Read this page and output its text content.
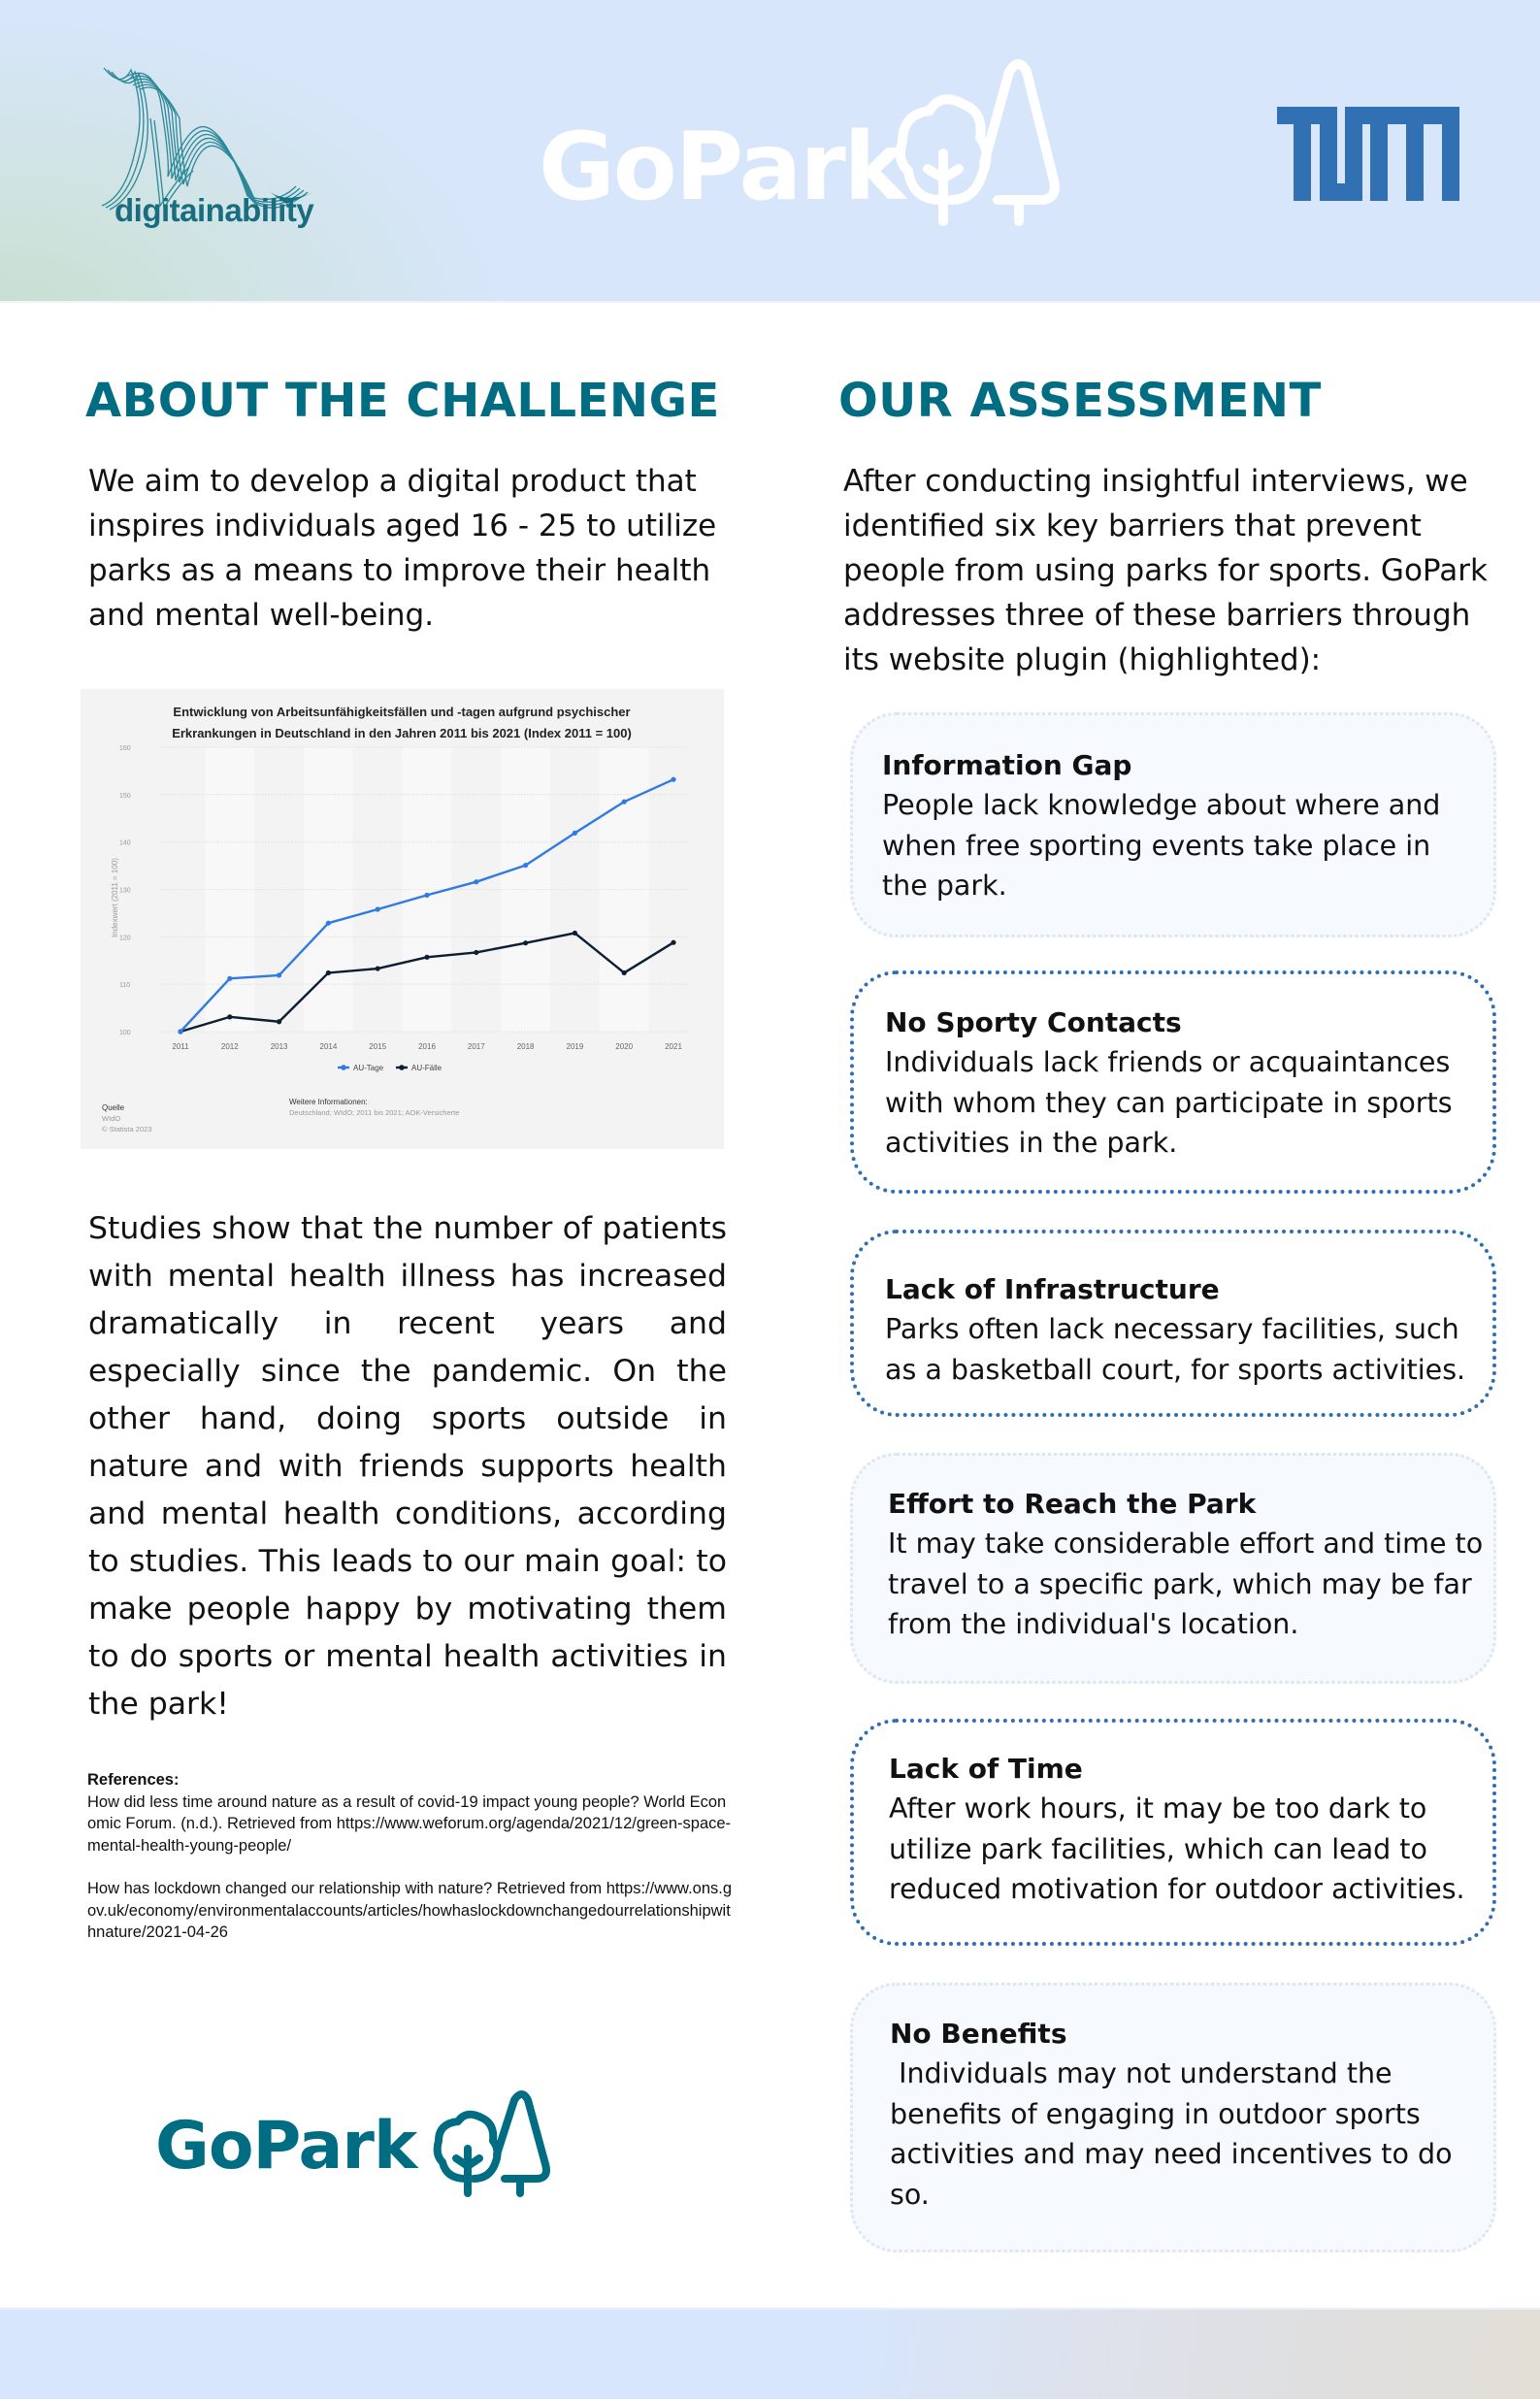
digitainability GoPark
ABOUT THE CHALLENGE

We aim to develop a digital product that inspires individuals aged 16 - 25 to utilize parks as a means to improve their health and mental well-being.

Entwicklung von Arbeitsunfähigkeitsfällen und -tagen aufgrund psychischer
Erkrankungen in Deutschland in den Jahren 2011 bis 2021 (Index 2011 = 100)
Indexwert (2011 = 100)
100
110
120
130
140
150
160
2011	2012	2013	2014	2015	2016	2017	2018	2019	2020	2021
AU-Tage	AU-Fälle
Quelle
WIdO
© Statista 2023
Weitere Informationen:
Deutschland; WIdO; 2011 bis 2021; AOK-Versicherte

Studies show that the number of patients with mental health illness has increased dramatically in recent years and especially since the pandemic. On the other hand, doing sports outside in nature and with friends supports health and mental health conditions, according to studies. This leads to our main goal: to make people happy by motivating them to do sports or mental health activities in the park!

References:
How did less time around nature as a result of covid-19 impact young people? World Economic Forum. (n.d.). Retrieved from https://www.weforum.org/agenda/2021/12/green-space-mental-health-young-people/
How has lockdown changed our relationship with nature? Retrieved from https://www.ons.gov.uk/economy/environmentalaccounts/articles/howhaslockdownchangedourrelationshipwithnature/2021-04-26
GoPark
OUR ASSESSMENT

After conducting insightful interviews, we identified six key barriers that prevent people from using parks for sports. GoPark addresses three of these barriers through its website plugin (highlighted):

Information Gap
People lack knowledge about where and when free sporting events take place in the park.
No Sporty Contacts
Individuals lack friends or acquaintances with whom they can participate in sports activities in the park.
Lack of Infrastructure
Parks often lack necessary facilities, such as a basketball court, for sports activities.
Effort to Reach the Park
It may take considerable effort and time to travel to a specific park, which may be far from the individual's location.
Lack of Time
After work hours, it may be too dark to utilize park facilities, which can lead to reduced motivation for outdoor activities.
No Benefits
Individuals may not understand the benefits of engaging in outdoor sports activities and may need incentives to do so.
